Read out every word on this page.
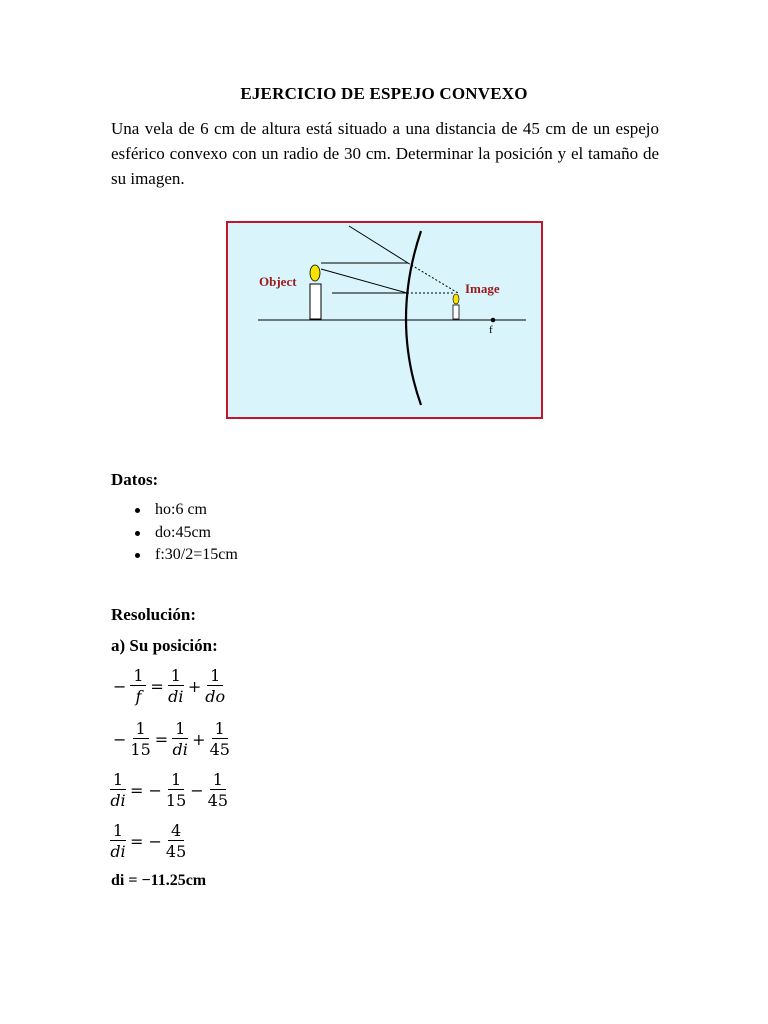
EJERCICIO DE ESPEJO CONVEXO
Una vela de 6 cm de altura está situado a una distancia de 45 cm de un espejo esférico convexo con un radio de 30 cm. Determinar la posición y el tamaño de su imagen.
f
Object	Image
Datos:
ho:6 cm
do:45cm
f:30/2=15cm
Resolución:
a) Su posición:
− $\frac{1}{f} = \frac{1}{di} + \frac{1}{do}$
− $\frac{1}{15} = \frac{1}{di} + \frac{1}{45}$
$\frac{1}{di}$ = − $\frac{1}{15} - \frac{1}{45}$
$\frac{1}{di}$ = − $\frac{4}{45}$
di = −11.25cm
